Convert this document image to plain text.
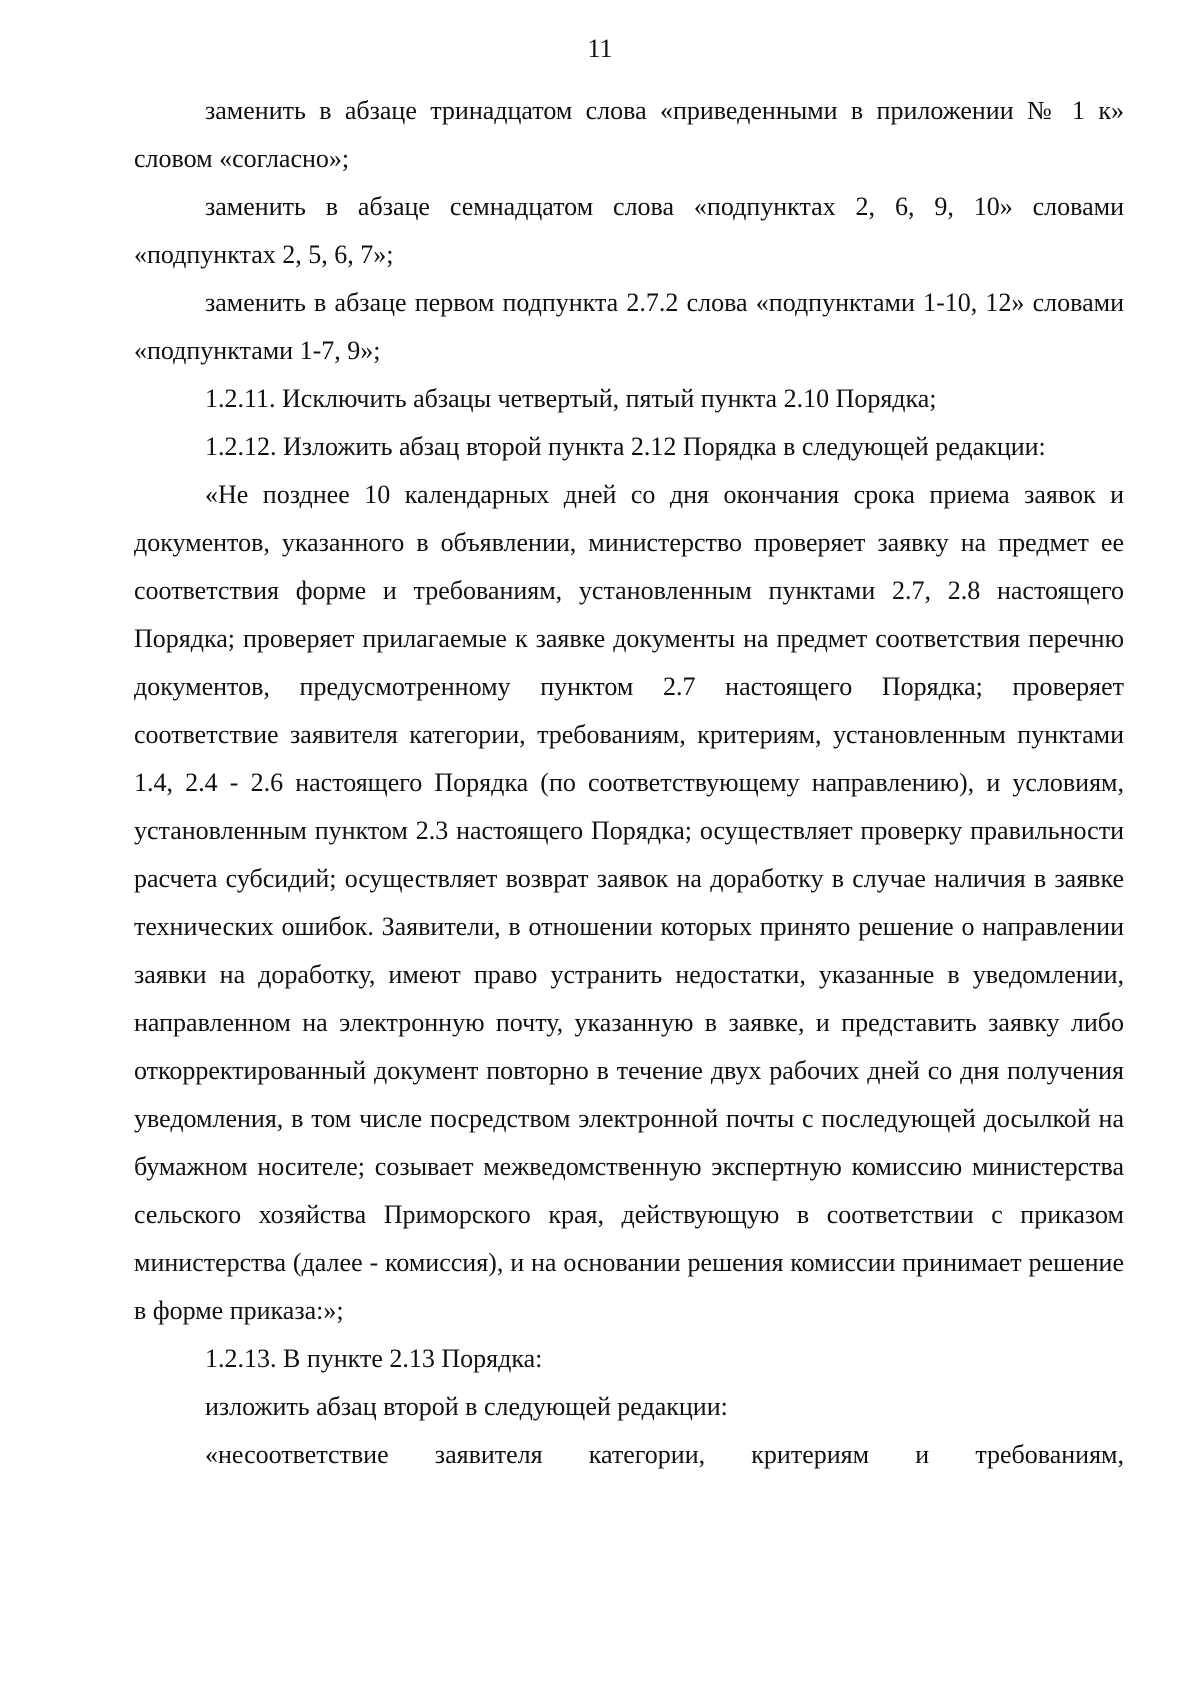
11

заменить в абзаце тринадцатом слова «приведенными в приложении № 1 к» словом «согласно»;

заменить в абзаце семнадцатом слова «подпунктах 2, 6, 9, 10» словами «подпунктах 2, 5, 6, 7»;

заменить в абзаце первом подпункта 2.7.2 слова «подпунктами 1-10, 12» словами «подпунктами 1-7, 9»;

1.2.11. Исключить абзацы четвертый, пятый пункта 2.10 Порядка;

1.2.12. Изложить абзац второй пункта 2.12 Порядка в следующей редакции:

«Не позднее 10 календарных дней со дня окончания срока приема заявок и документов, указанного в объявлении, министерство проверяет заявку на предмет ее соответствия форме и требованиям, установленным пунктами 2.7, 2.8 настоящего Порядка; проверяет прилагаемые к заявке документы на предмет соответствия перечню документов, предусмотренному пунктом 2.7 настоящего Порядка; проверяет соответствие заявителя категории, требованиям, критериям, установленным пунктами 1.4, 2.4 - 2.6 настоящего Порядка (по соответствующему направлению), и условиям, установленным пунктом 2.3 настоящего Порядка; осуществляет проверку правильности расчета субсидий; осуществляет возврат заявок на доработку в случае наличия в заявке технических ошибок. Заявители, в отношении которых принято решение о направлении заявки на доработку, имеют право устранить недостатки, указанные в уведомлении, направленном на электронную почту, указанную в заявке, и представить заявку либо откорректированный документ повторно в течение двух рабочих дней со дня получения уведомления, в том числе посредством электронной почты с последующей досылкой на бумажном носителе; созывает межведомственную экспертную комиссию министерства сельского хозяйства Приморского края, действующую в соответствии с приказом министерства (далее - комиссия), и на основании решения комиссии принимает решение в форме приказа:»;

1.2.13. В пункте 2.13 Порядка:

изложить абзац второй в следующей редакции:

«несоответствие заявителя категории, критериям и требованиям,
